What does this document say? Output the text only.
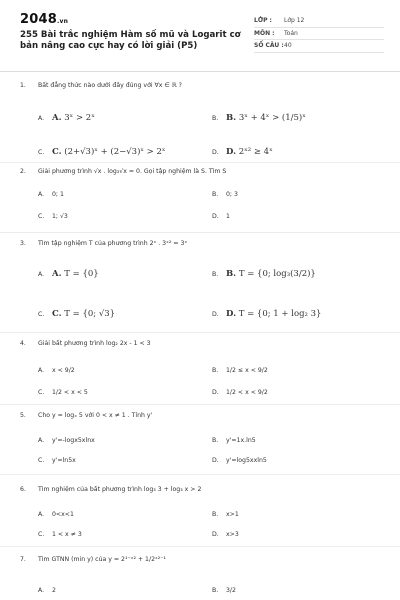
2048.vn
255 Bài trắc nghiệm Hàm số mũ và Logarit cơ bản nâng cao cực hay có lời giải (P5)
LỚP :	Lớp 12
MÔN :	Toán
SỐ CÂU : 40
1.	Bất đẳng thức nào dưới đây đúng với ∀x ∈ ℝ ?
A. A. 3ˣ > 2ˣ	B. B. 3ˣ + 4ˣ > (1/5)ˣ
C. C. (2+√3)ˣ + (2−√3)ˣ > 2ˣ	D. D. 2ˣ² ≥ 4ˣ
2.	Giải phương trình √x . log₃√x = 0. Gọi tập nghiệm là S. Tìm S
A.	0; 1	B.	0; 3
C.	1; √3	D.	1
3.	Tìm tập nghiệm T của phương trình 2ˣ . 3ˣ² = 3ˣ
A. A. T = {0}	B. B. T = {0; log₃(3/2)}
C. C. T = {0; √3}	D. D. T = {0; 1 + log₂ 3}
4.	Giải bất phương trình log₂ 2x - 1 < 3
A.	x < 9/2	B.	1/2 ≤ x < 9/2
C.	1/2 < x < 5	D.	1/2 < x < 9/2
5.	Cho y = logₓ 5 với 0 < x ≠ 1 . Tính y'
A.	y'=-logx5xlnx	B.	y'=1x.ln5
C.	y'=ln5x	D.	y'=log5xxln5
6.	Tìm nghiệm của bất phương trình log₃ 3 + log₃ x > 2
A.	0<x<1	B.	x>1
C.	1 < x ≠ 3	D.	x>3
7.	Tìm GTNN (min y) của y = 2¹⁻ˣ² + 1/2ˣ²⁻¹
A.	2	B.	3/2
